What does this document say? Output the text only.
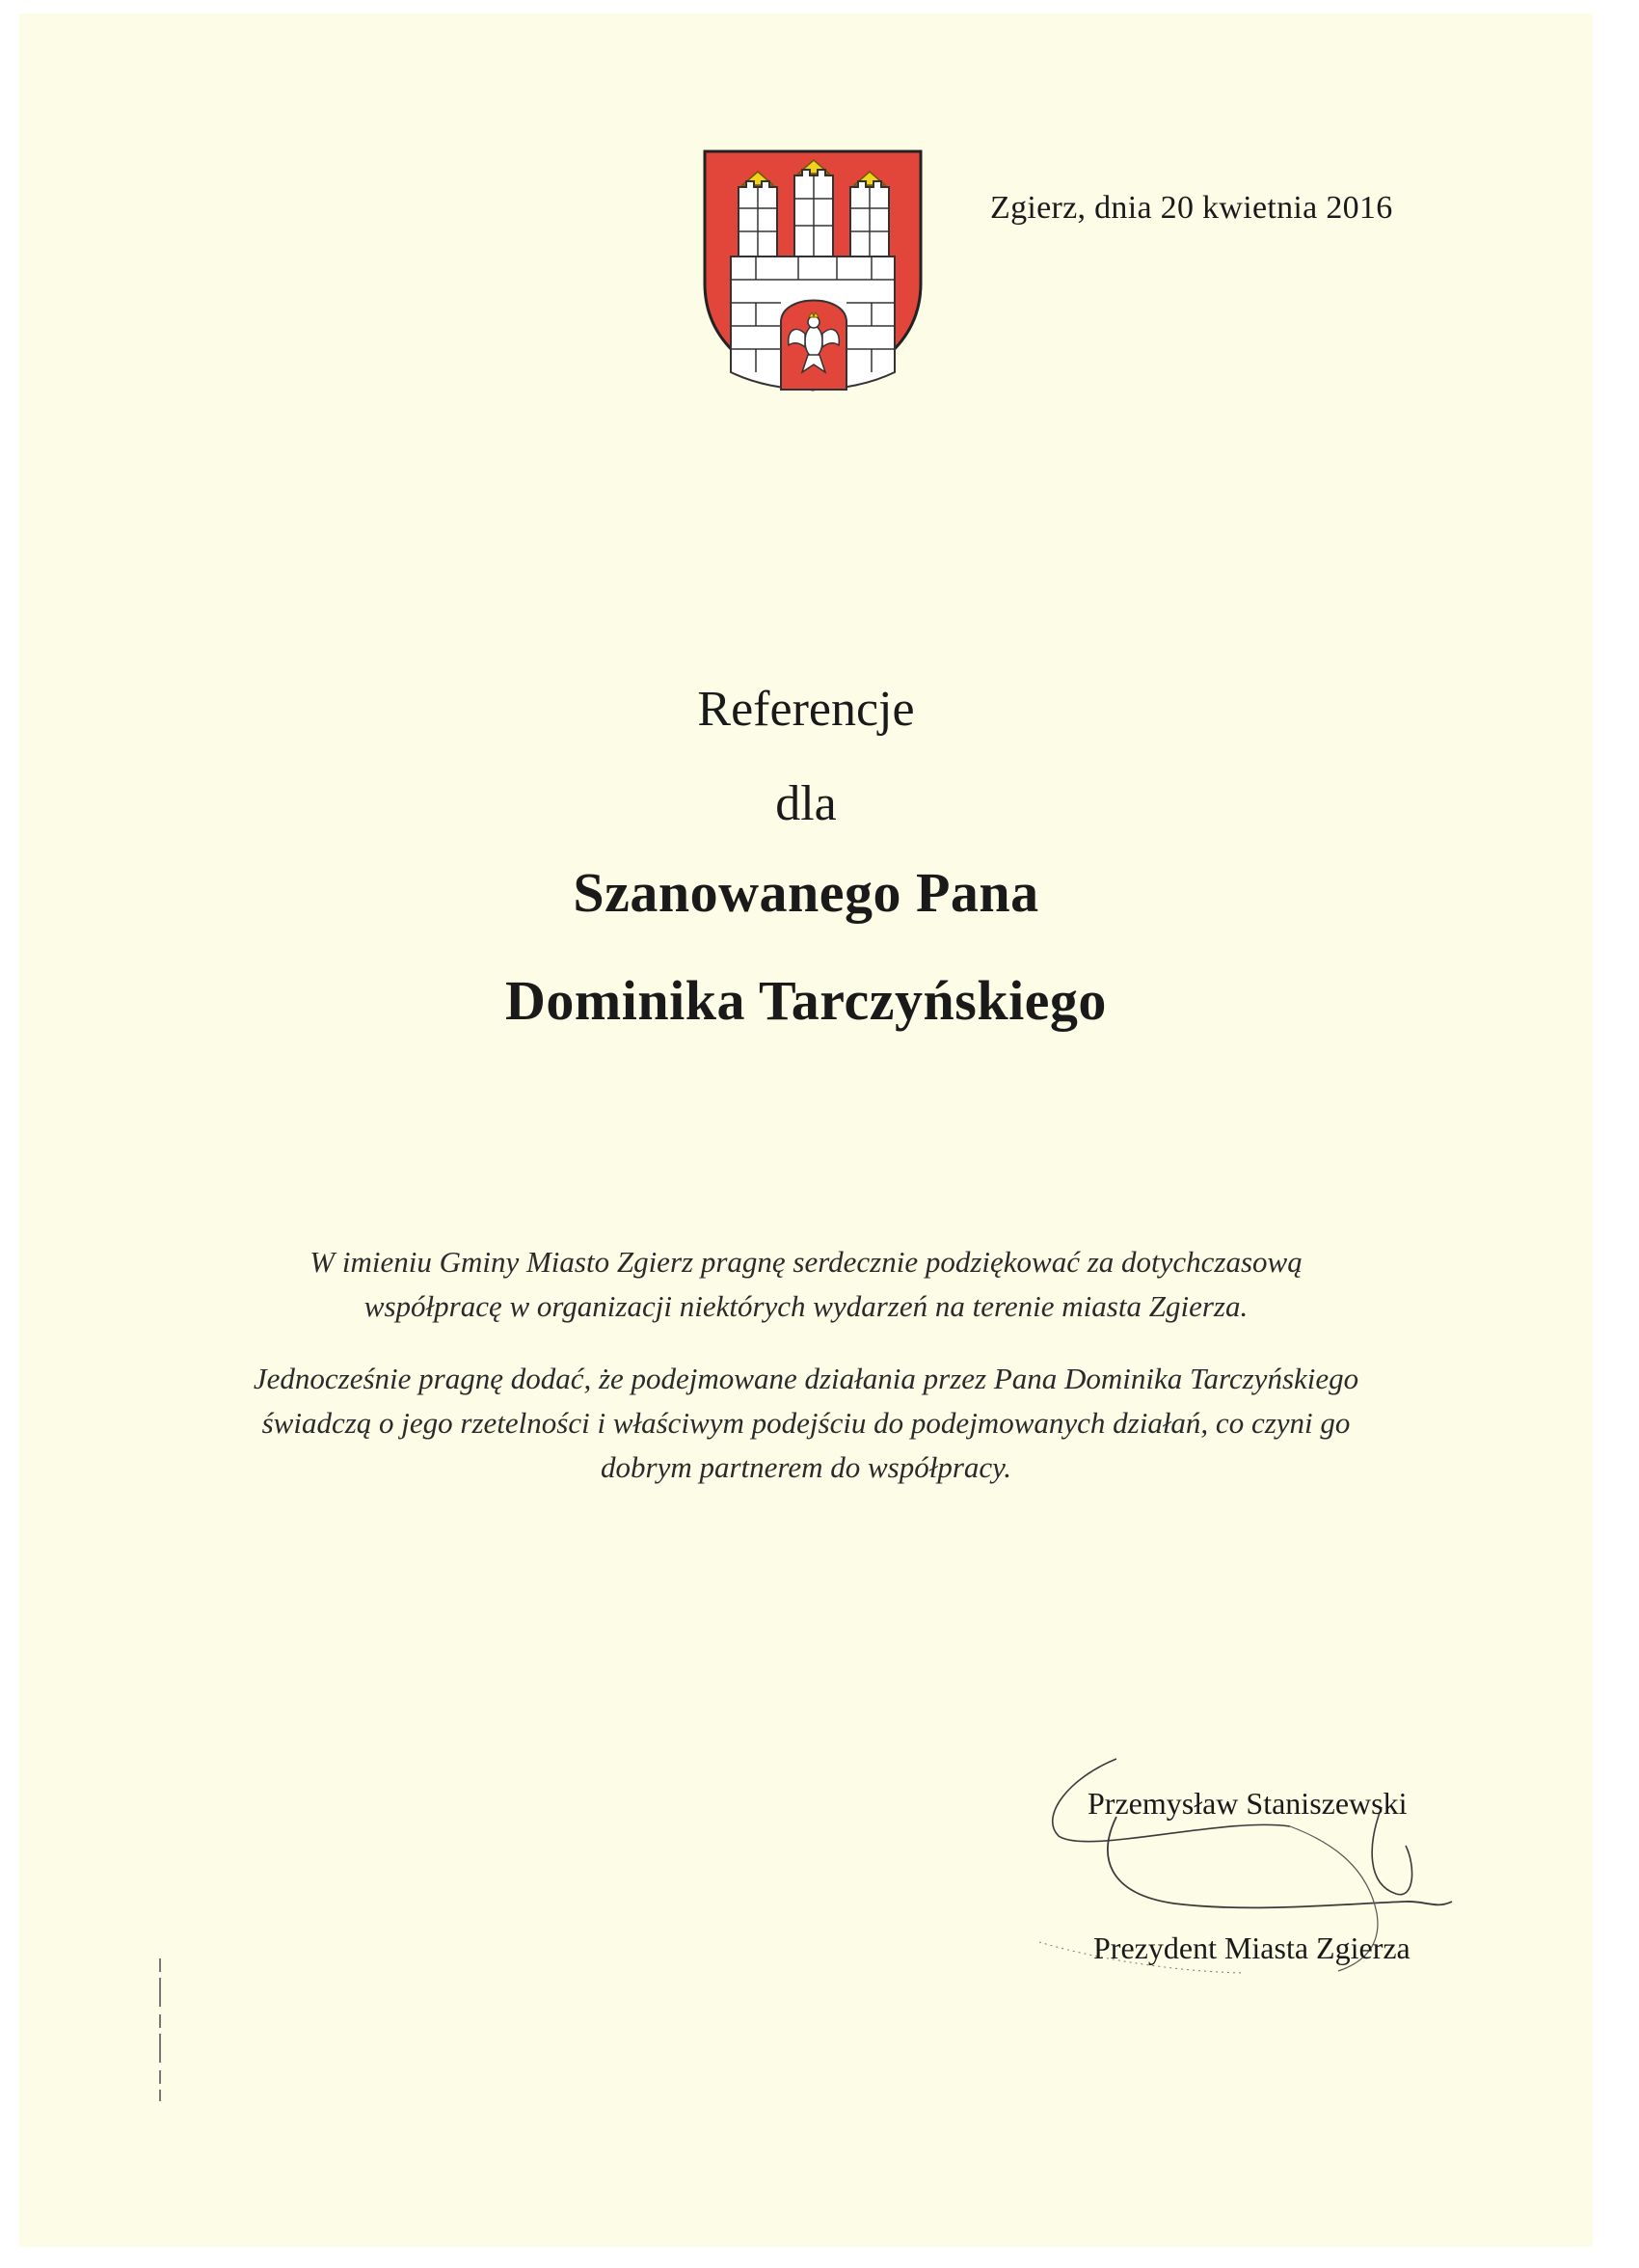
Zgierz, dnia 20 kwietnia 2016
Referencje
dla
Szanowanego Pana
Dominika Tarczyńskiego

W imieniu Gminy Miasto Zgierz pragnę serdecznie podziękować za dotychczasową

współpracę w organizacji niektórych wydarzeń na terenie miasta Zgierza.

Jednocześnie pragnę dodać, że podejmowane działania przez Pana Dominika Tarczyńskiego

świadczą o jego rzetelności i właściwym podejściu do podejmowanych działań, co czyni go

dobrym partnerem do współpracy.

Przemysław Staniszewski
Prezydent Miasta Zgierza
